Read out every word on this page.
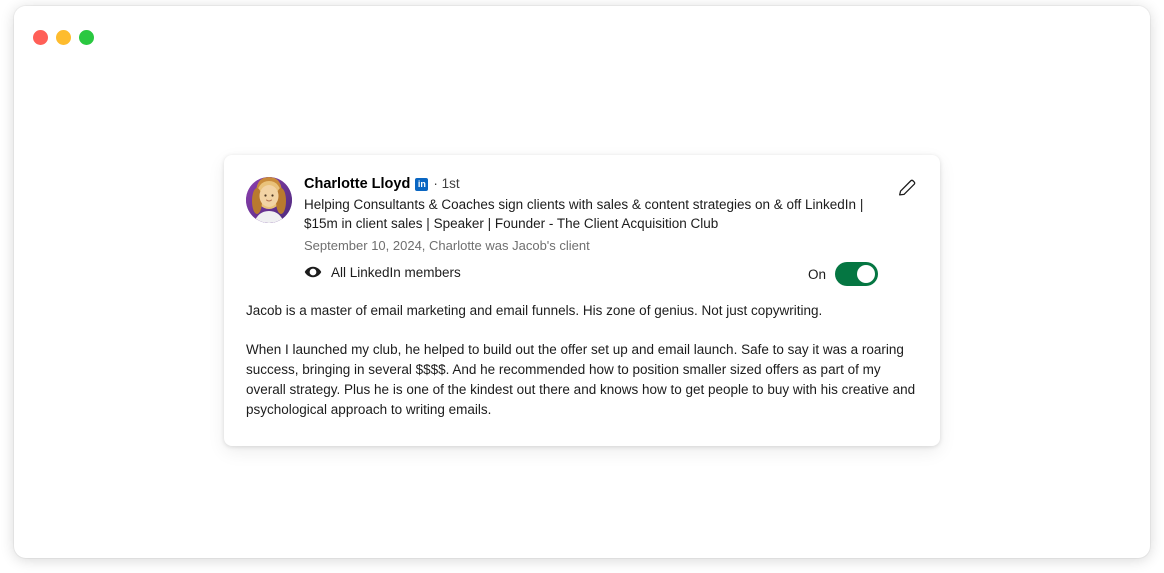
Charlotte Lloyd in · 1st
Helping Consultants & Coaches sign clients with sales & content strategies on & off LinkedIn | $15m in client sales | Speaker | Founder - The Client Acquisition Club
September 10, 2024, Charlotte was Jacob's client
All LinkedIn members	On

Jacob is a master of email marketing and email funnels. His zone of genius. Not just copywriting.

When I launched my club, he helped to build out the offer set up and email launch. Safe to say it was a roaring success, bringing in several $$$$. And he recommended how to position smaller sized offers as part of my overall strategy. Plus he is one of the kindest out there and knows how to get people to buy with his creative and psychological approach to writing emails.
